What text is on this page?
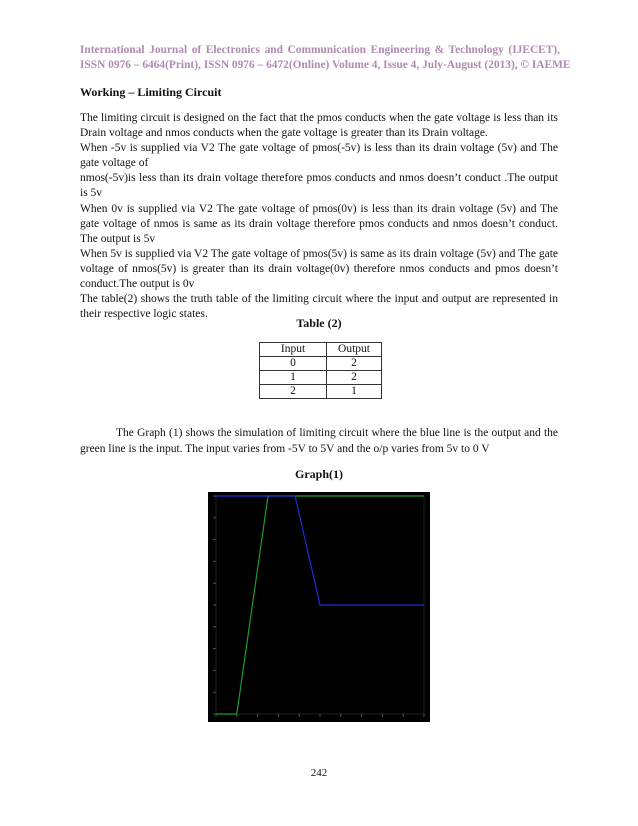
International Journal of Electronics and Communication Engineering & Technology (IJECET),
ISSN 0976 – 6464(Print), ISSN 0976 – 6472(Online) Volume 4, Issue 4, July-August (2013), © IAEME
Working – Limiting Circuit

The limiting circuit is designed on the fact that the pmos conducts when the gate voltage is less than its Drain voltage and nmos conducts when the gate voltage is greater than its Drain voltage.

When -5v is supplied via V2 The gate voltage of pmos(-5v) is less than its drain voltage (5v) and The gate voltage of

nmos(-5v)is less than its drain voltage therefore pmos conducts and nmos doesn’t conduct .The output is 5v

When 0v is supplied via V2 The gate voltage of pmos(0v) is less than its drain voltage (5v) and The gate voltage of nmos is same as its drain voltage therefore pmos conducts and nmos doesn’t conduct. The output is 5v

When 5v is supplied via V2 The gate voltage of pmos(5v) is same as its drain voltage (5v) and The gate voltage of nmos(5v) is greater than its drain voltage(0v) therefore nmos conducts and pmos doesn’t conduct.The output is 0v

The table(2) shows the truth table of the limiting circuit where the input and output are represented in their respective logic states.

Table (2)
Input	Output
0	2
1	2
2	1

The Graph (1) shows the simulation of limiting circuit where the blue line is the output and the green line is the input. The input varies from -5V to 5V and the o/p varies from 5v to 0 V

Graph(1)
242
